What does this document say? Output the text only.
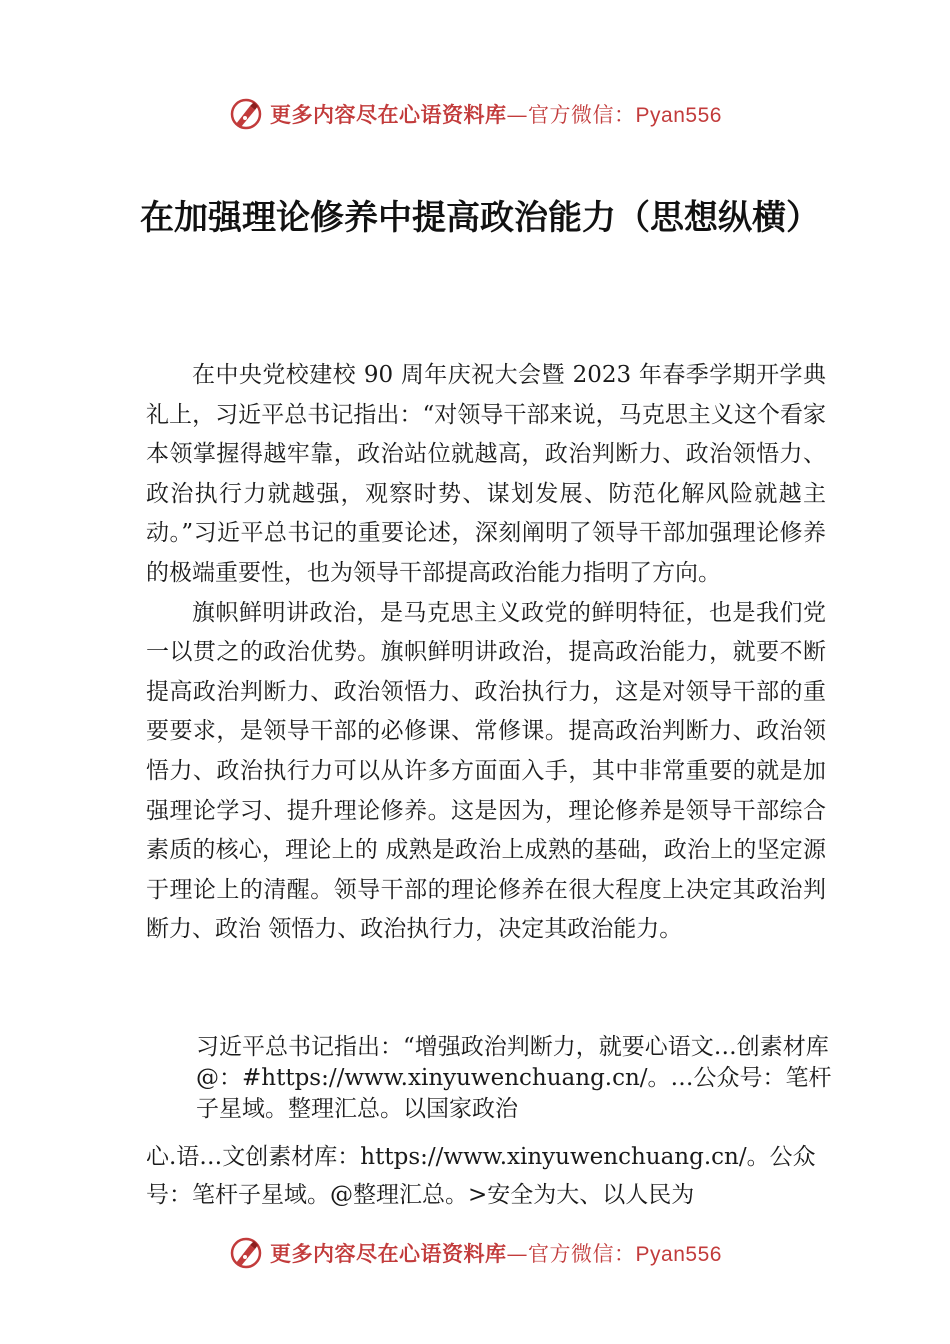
更多内容尽在心语资料库—官方微信：Pyan556
在加强理论修养中提高政治能力（思想纵横）

在中央党校建校 90 周年庆祝大会暨 2023 年春季学期开学典礼上，习近平总书记指出：“对领导干部来说，马克思主义这个看家本领掌握得越牢靠，政治站位就越高，政治判断力、政治领悟力、政治执行力就越强，观察时势、谋划发展、防范化解风险就越主动。”习近平总书记的重要论述，深刻阐明了领导干部加强理论修养的极端重要性，也为领导干部提高政治能力指明了方向。

旗帜鲜明讲政治，是马克思主义政党的鲜明特征，也是我们党一以贯之的政治优势。旗帜鲜明讲政治，提高政治能力，就要不断提高政治判断力、政治领悟力、政治执行力，这是对领导干部的重要要求，是领导干部的必修课、常修课。提高政治判断力、政治领悟力、政治执行力可以从许多方面面入手，其中非常重要的就是加强理论学习、提升理论修养。这是因为，理论修养是领导干部综合素质的核心，理论上的 成熟是政治上成熟的基础，政治上的坚定源于理论上的清醒。领导干部的理论修养在很大程度上决定其政治判断力、政治 领悟力、政治执行力，决定其政治能力。

习近平总书记指出：“增强政治判断力，就要心语文…创素材库@：#https://www.xinyuwenchuang.cn/。…公众号：笔杆子星域。整理汇总。以国家政治

心.语…文创素材库：https://www.xinyuwenchuang.cn/。公众号：笔杆子星域。@整理汇总。>安全为大、以人民为

更多内容尽在心语资料库—官方微信：Pyan556
